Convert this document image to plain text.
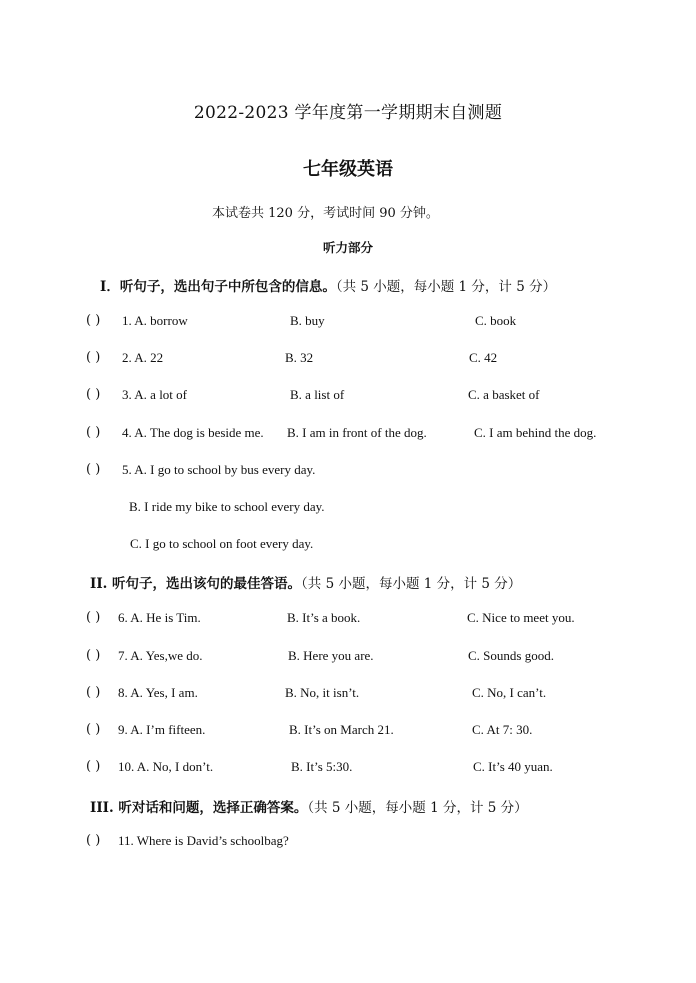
2022-2023 学年度第一学期期末自测题
七年级英语
本试卷共 120 分，考试时间 90 分钟。
听力部分
I．听句子，选出句子中所包含的信息。（共 5 小题，每小题 1 分，计 5 分）
( ) 1. A. borrow	B. buy	C. book
( ) 2. A. 22	B. 32	C. 42
( ) 3. A. a lot of	B. a list of	C. a basket of
( ) 4. A. The dog is beside me. B. I am in front of the dog.	C. I am behind the dog.
( ) 5. A. I go to school by bus every day.
B. I ride my bike to school every day.
C. I go to school on foot every day.
II. 听句子，选出该句的最佳答语。（共 5 小题，每小题 1 分，计 5 分）
( ) 6. A. He is Tim.	B. It’s a book.	C. Nice to meet you.
( ) 7. A. Yes,we do.	B. Here you are.	C. Sounds good.
( ) 8. A. Yes, I am.	B. No, it isn’t.	C. No, I can’t.
( ) 9. A. I’m fifteen.	B. It’s on March 21.	C. At 7: 30.
( ) 10. A. No, I don’t.	B. It’s 5:30.	C. It’s 40 yuan.
III. 听对话和问题，选择正确答案。（共 5 小题，每小题 1 分，计 5 分）
( ) 11. Where is David’s schoolbag?
